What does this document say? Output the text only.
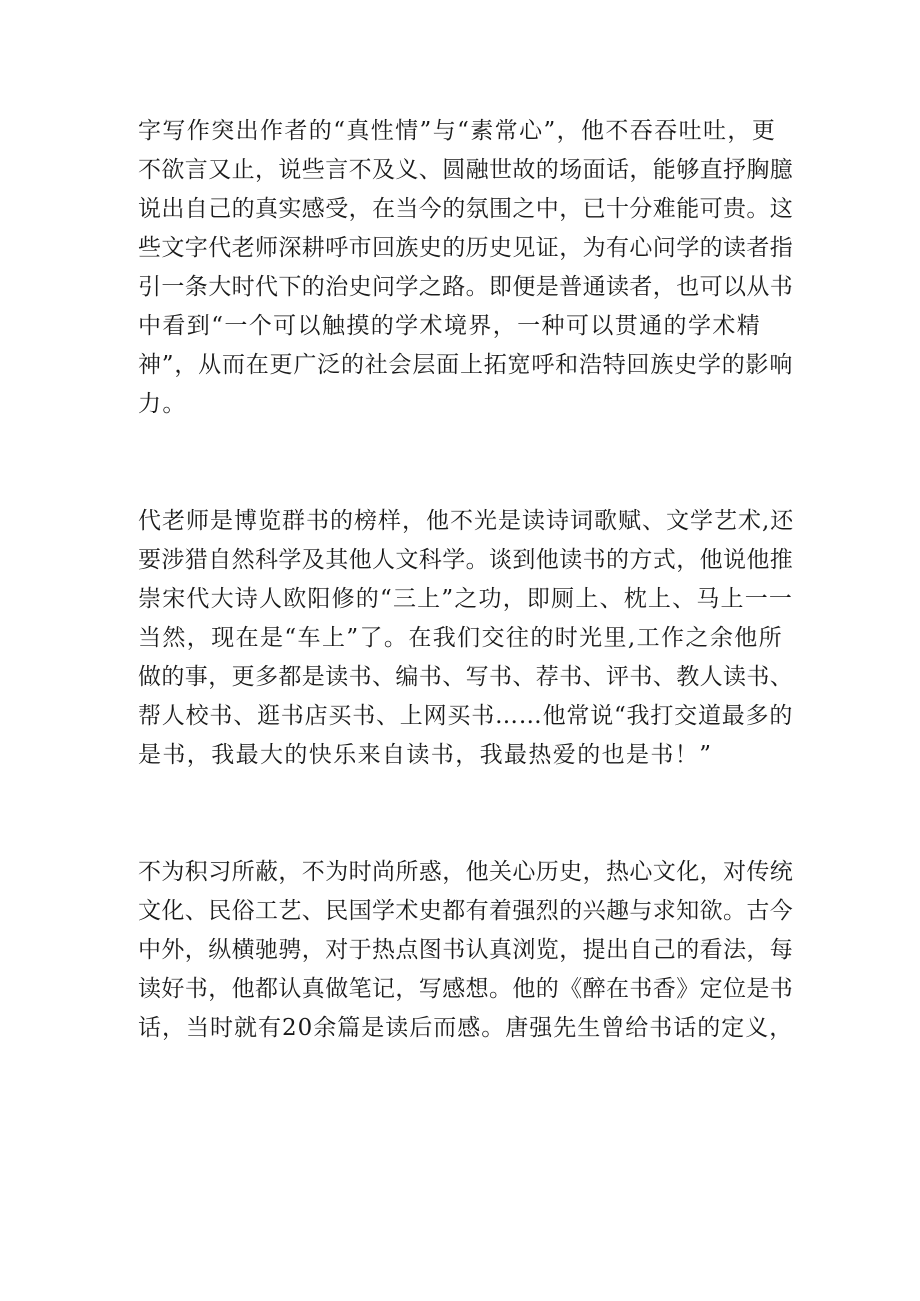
字写作突出作者的“真性情”与“素常心”，他不吞吞吐吐，更
不欲言又止，说些言不及义、圆融世故的场面话，能够直抒胸臆
说出自己的真实感受，在当今的氛围之中，已十分难能可贵。这
些文字代老师深耕呼市回族史的历史见证，为有心问学的读者指
引一条大时代下的治史问学之路。即便是普通读者，也可以从书
中看到“一个可以触摸的学术境界，一种可以贯通的学术精
神”，从而在更广泛的社会层面上拓宽呼和浩特回族史学的影响
力。
代老师是博览群书的榜样，他不光是读诗词歌赋、文学艺术,还
要涉猎自然科学及其他人文科学。谈到他读书的方式，他说他推
崇宋代大诗人欧阳修的“三上”之功，即厕上、枕上、马上一一
当然，现在是“车上”了。在我们交往的时光里,工作之余他所
做的事，更多都是读书、编书、写书、荐书、评书、教人读书、
帮人校书、逛书店买书、上网买书……他常说“我打交道最多的
是书，我最大的快乐来自读书，我最热爱的也是书！”
不为积习所蔽，不为时尚所惑，他关心历史，热心文化，对传统
文化、民俗工艺、民国学术史都有着强烈的兴趣与求知欲。古今
中外，纵横驰骋，对于热点图书认真浏览，提出自己的看法，每
读好书，他都认真做笔记，写感想。他的《醉在书香》定位是书
话，当时就有20余篇是读后而感。唐强先生曾给书话的定义，
